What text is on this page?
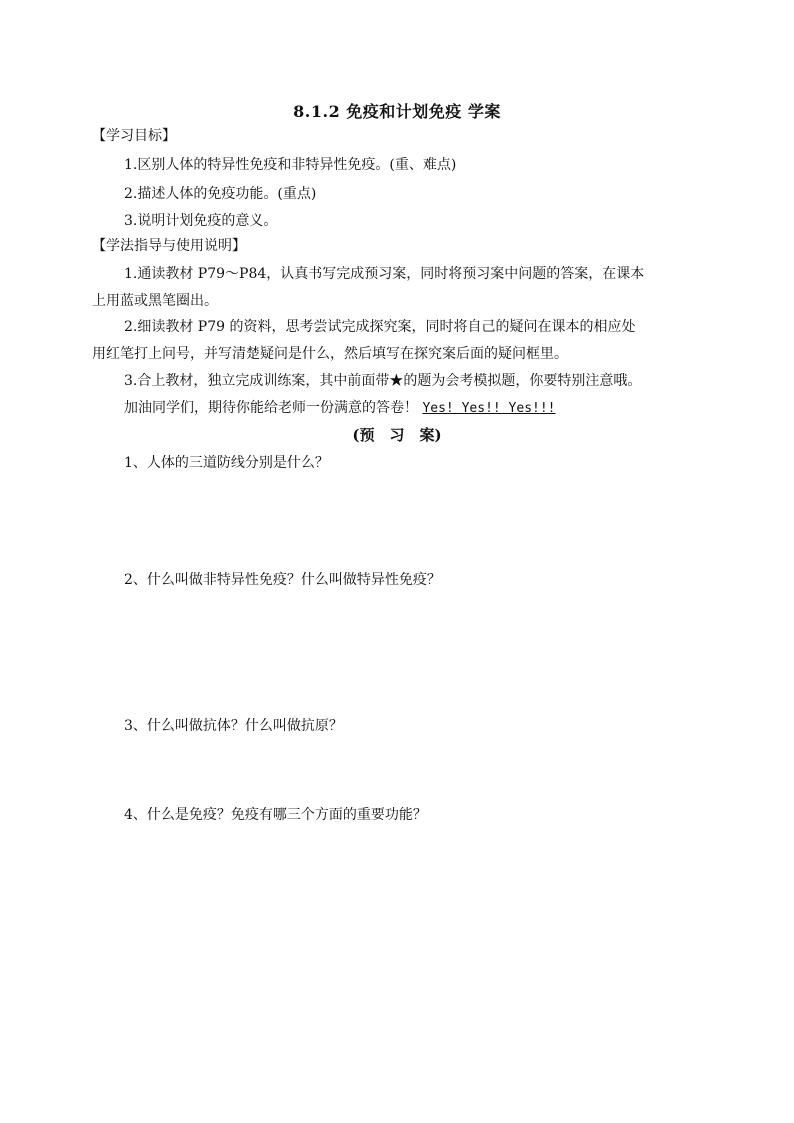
8.1.2 免疫和计划免疫 学案
【学习目标】
1.区别人体的特异性免疫和非特异性免疫。(重、难点)
2.描述人体的免疫功能。(重点)
3.说明计划免疫的意义。
【学法指导与使用说明】
1.通读教材 P79～P84，认真书写完成预习案，同时将预习案中问题的答案，在课本
上用蓝或黑笔圈出。
2.细读教材 P79 的资料，思考尝试完成探究案，同时将自己的疑问在课本的相应处
用红笔打上问号，并写清楚疑问是什么，然后填写在探究案后面的疑问框里。
3.合上教材，独立完成训练案，其中前面带★的题为会考模拟题，你要特别注意哦。
加油同学们，期待你能给老师一份满意的答卷！ Yes! Yes!! Yes!!!
(预　习　案)
1、人体的三道防线分别是什么？
2、什么叫做非特异性免疫？什么叫做特异性免疫？
3、什么叫做抗体？什么叫做抗原？
4、什么是免疫？免疫有哪三个方面的重要功能？
